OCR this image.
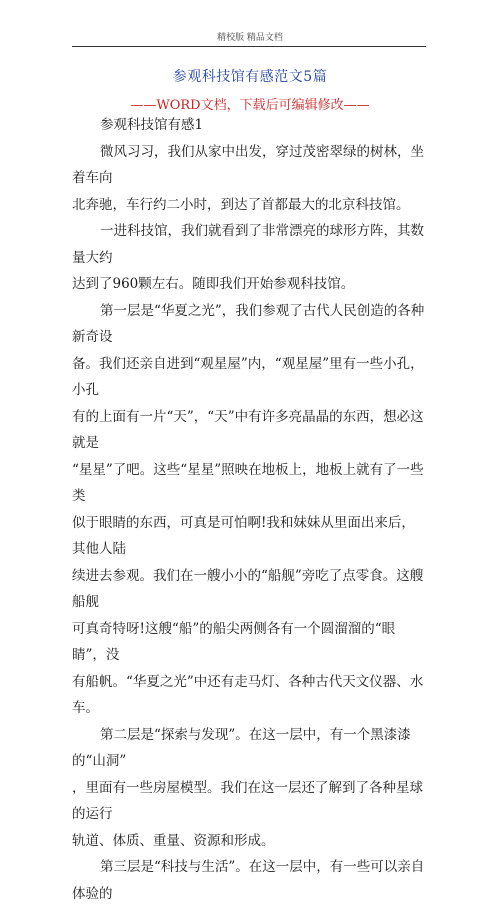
精校版 精品文档
参观科技馆有感范文5篇
——WORD文档，下载后可编辑修改——

参观科技馆有感1

微风习习，我们从家中出发，穿过茂密翠绿的树林，坐着车向

北奔驰，车行约二小时，到达了首都最大的北京科技馆。

一进科技馆，我们就看到了非常漂亮的球形方阵，其数量大约

达到了960颗左右。随即我们开始参观科技馆。

第一层是“华夏之光”，我们参观了古代人民创造的各种新奇设

备。我们还亲自进到“观星屋”内，“观星屋”里有一些小孔，小孔

有的上面有一片“天”，“天”中有许多亮晶晶的东西，想必这就是

“星星”了吧。这些“星星”照映在地板上，地板上就有了一些类

似于眼睛的东西，可真是可怕啊!我和妹妹从里面出来后，其他人陆

续进去参观。我们在一艘小小的“船舰”旁吃了点零食。这艘船舰

可真奇特呀!这艘“船”的船尖两侧各有一个圆溜溜的“眼睛”，没

有船帆。“华夏之光”中还有走马灯、各种古代天文仪器、水车。

第二层是“探索与发现”。在这一层中，有一个黑漆漆的“山洞”

，里面有一些房屋模型。我们在这一层还了解到了各种星球的运行

轨道、体质、重量、资源和形成。

第三层是“科技与生活”。在这一层中，有一些可以亲自体验的
